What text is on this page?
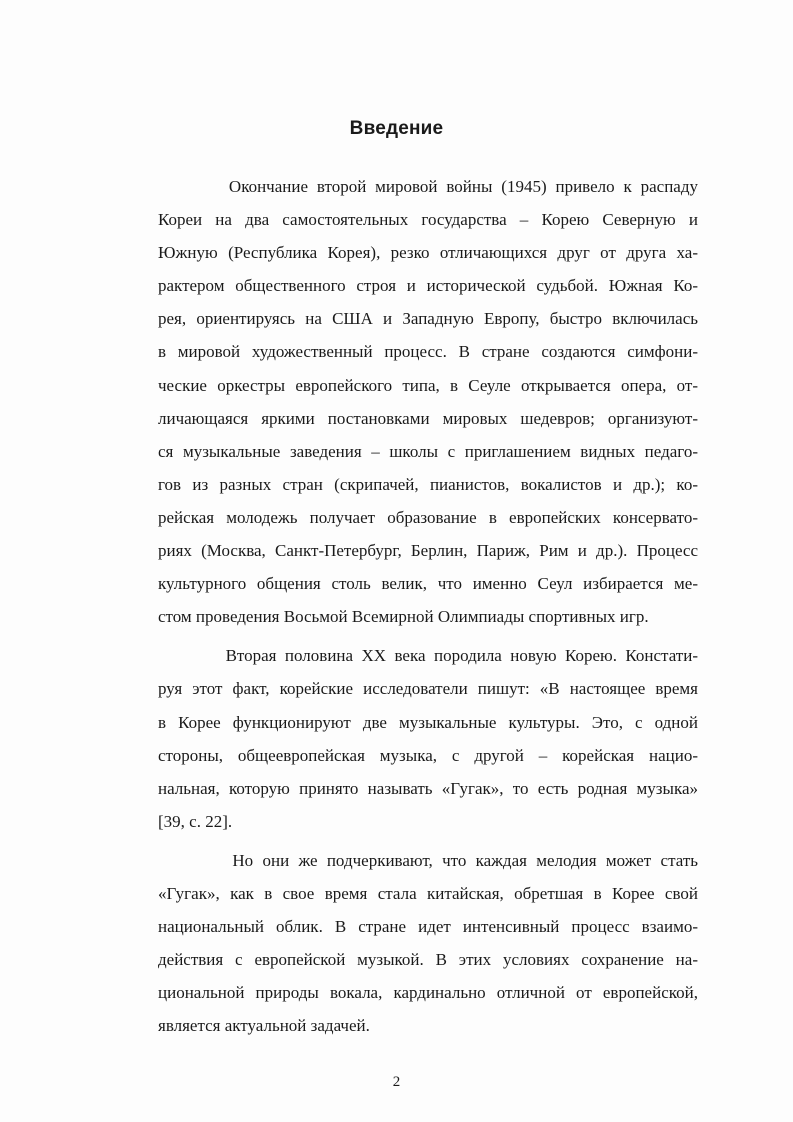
Введение

Окончание второй мировой войны (1945) привело к распаду
Кореи на два самостоятельных государства – Корею Северную и
Южную (Республика Корея), резко отличающихся друг от друга ха-
рактером общественного строя и исторической судьбой. Южная Ко-
рея, ориентируясь на США и Западную Европу, быстро включилась
в мировой художественный процесс. В стране создаются симфони-
ческие оркестры европейского типа, в Сеуле открывается опера, от-
личающаяся яркими постановками мировых шедевров; организуют-
ся музыкальные заведения – школы с приглашением видных педаго-
гов из разных стран (скрипачей, пианистов, вокалистов и др.); ко-
рейская молодежь получает образование в европейских консервато-
риях (Москва, Санкт-Петербург, Берлин, Париж, Рим и др.). Процесс
культурного общения столь велик, что именно Сеул избирается ме-
стом проведения Восьмой Всемирной Олимпиады спортивных игр.

Вторая половина XX века породила новую Корею. Констати-
руя этот факт, корейские исследователи пишут: «В настоящее время
в Корее функционируют две музыкальные культуры. Это, с одной
стороны, общеевропейская музыка, с другой – корейская нацио-
нальная, которую принято называть «Гугак», то есть родная музыка»
[39, с. 22].

Но они же подчеркивают, что каждая мелодия может стать
«Гугак», как в свое время стала китайская, обретшая в Корее свой
национальный облик. В стране идет интенсивный процесс взаимо-
действия с европейской музыкой. В этих условиях сохранение на-
циональной природы вокала, кардинально отличной от европейской,
является актуальной задачей.

2
